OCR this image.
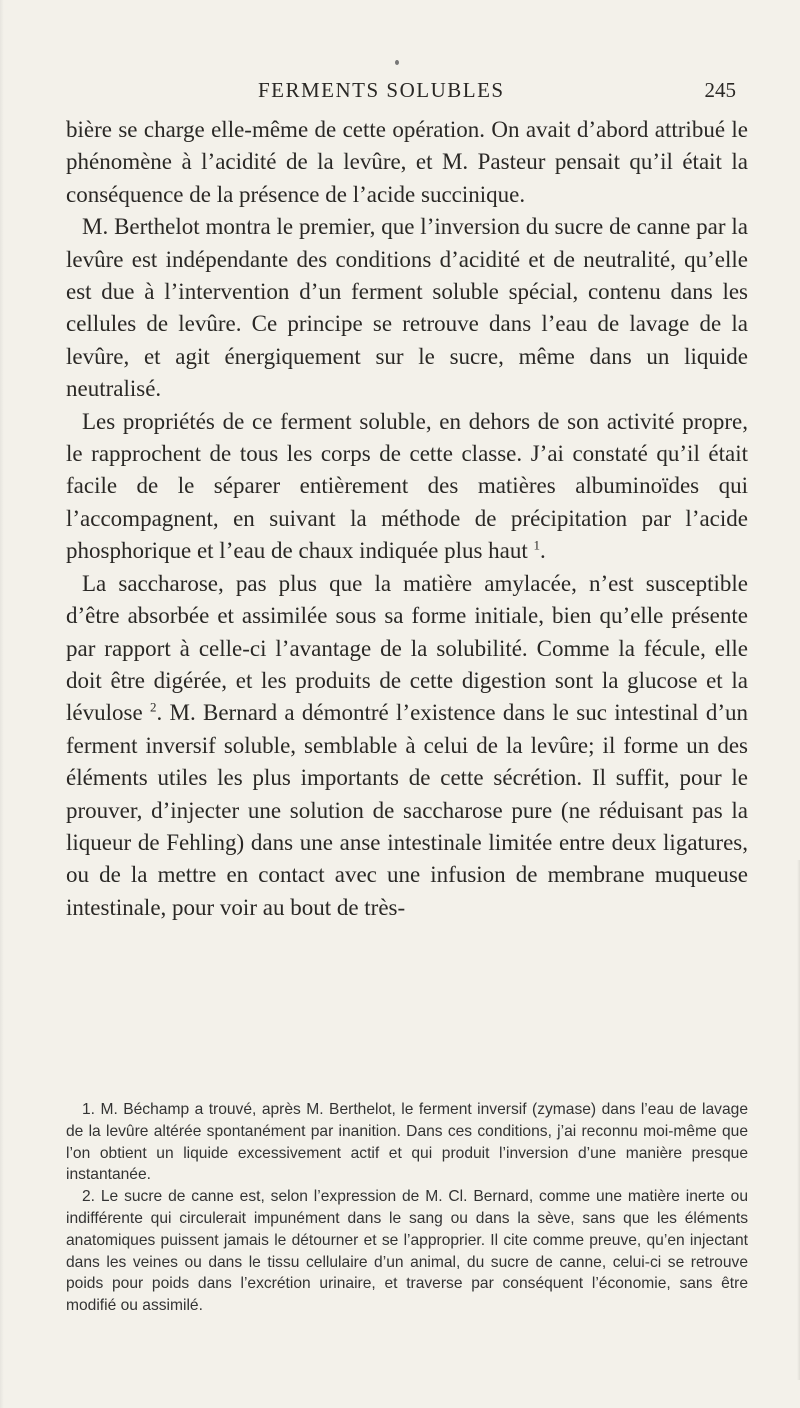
FERMENTS SOLUBLES	245

bière se charge elle-même de cette opération. On avait d’abord attribué le phénomène à l’acidité de la levûre, et M. Pasteur pensait qu’il était la conséquence de la présence de l’acide succinique.

M. Berthelot montra le premier, que l’inversion du sucre de canne par la levûre est indépendante des conditions d’acidité et de neutralité, qu’elle est due à l’intervention d’un ferment soluble spécial, contenu dans les cellules de levûre. Ce principe se retrouve dans l’eau de lavage de la levûre, et agit énergiquement sur le sucre, même dans un liquide neutralisé.

Les propriétés de ce ferment soluble, en dehors de son activité propre, le rapprochent de tous les corps de cette classe. J’ai constaté qu’il était facile de le séparer entièrement des matières albuminoïdes qui l’accompagnent, en suivant la méthode de précipitation par l’acide phosphorique et l’eau de chaux indiquée plus haut $^1$.

La saccharose, pas plus que la matière amylacée, n’est susceptible d’être absorbée et assimilée sous sa forme initiale, bien qu’elle présente par rapport à celle-ci l’avantage de la solubilité. Comme la fécule, elle doit être digérée, et les produits de cette digestion sont la glucose et la lévulose $^2$. M. Bernard a démontré l’existence dans le suc intestinal d’un ferment inversif soluble, semblable à celui de la levûre; il forme un des éléments utiles les plus importants de cette sécrétion. Il suffit, pour le prouver, d’injecter une solution de saccharose pure (ne réduisant pas la liqueur de Fehling) dans une anse intestinale limitée entre deux ligatures, ou de la mettre en contact avec une infusion de membrane muqueuse intestinale, pour voir au bout de très-

1. M. Béchamp a trouvé, après M. Berthelot, le ferment inversif (zymase) dans l’eau de lavage de la levûre altérée spontanément par inanition. Dans ces conditions, j’ai reconnu moi-même que l’on obtient un liquide excessivement actif et qui produit l’inversion d’une manière presque instantanée.

2. Le sucre de canne est, selon l’expression de M. Cl. Bernard, comme une matière inerte ou indifférente qui circulerait impunément dans le sang ou dans la sève, sans que les éléments anatomiques puissent jamais le détourner et se l’approprier. Il cite comme preuve, qu’en injectant dans les veines ou dans le tissu cellulaire d’un animal, du sucre de canne, celui-ci se retrouve poids pour poids dans l’excrétion urinaire, et traverse par conséquent l’économie, sans être modifié ou assimilé.
